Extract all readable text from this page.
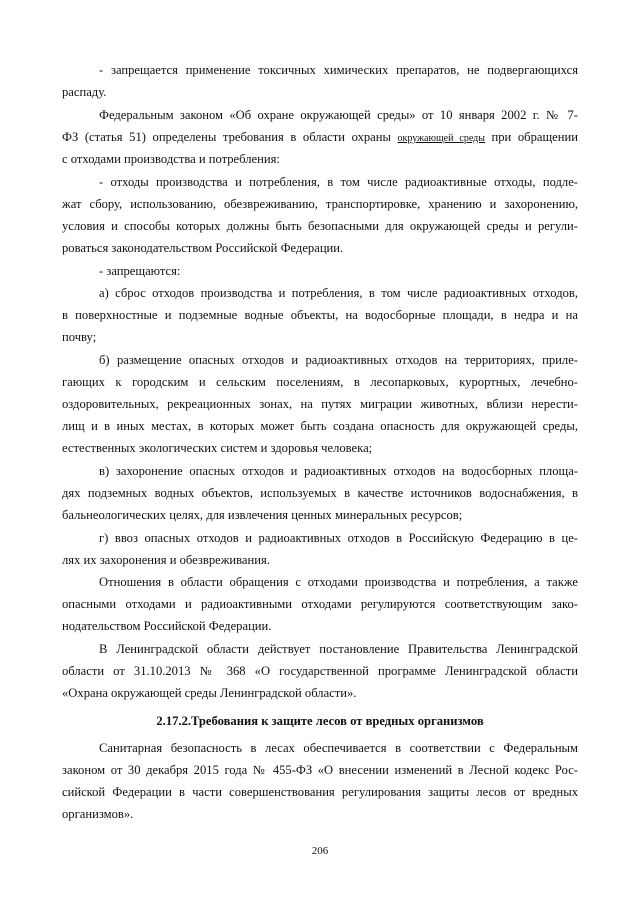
- запрещается применение токсичных химических препаратов, не подвергающихся
распаду.
Федеральным законом «Об охране окружающей среды» от 10 января 2002 г. № 7-
ФЗ (статья 51) определены требования в области охраны окружающей среды при обращении
с отходами производства и потребления:
- отходы производства и потребления, в том числе радиоактивные отходы, подле-
жат сбору, использованию, обезвреживанию, транспортировке, хранению и захоронению,
условия и способы которых должны быть безопасными для окружающей среды и регули-
роваться законодательством Российской Федерации.
- запрещаются:
а) сброс отходов производства и потребления, в том числе радиоактивных отходов,
в поверхностные и подземные водные объекты, на водосборные площади, в недра и на
почву;
б) размещение опасных отходов и радиоактивных отходов на территориях, приле-
гающих к городским и сельским поселениям, в лесопарковых, курортных, лечебно-
оздоровительных, рекреационных зонах, на путях миграции животных, вблизи нерести-
лищ и в иных местах, в которых может быть создана опасность для окружающей среды,
естественных экологических систем и здоровья человека;
в) захоронение опасных отходов и радиоактивных отходов на водосборных площа-
дях подземных водных объектов, используемых в качестве источников водоснабжения, в
бальнеологических целях, для извлечения ценных минеральных ресурсов;
г) ввоз опасных отходов и радиоактивных отходов в Российскую Федерацию в це-
лях их захоронения и обезвреживания.
Отношения в области обращения с отходами производства и потребления, а также
опасными отходами и радиоактивными отходами регулируются соответствующим зако-
нодательством Российской Федерации.
В Ленинградской области действует постановление Правительства Ленинградской
области от 31.10.2013 № 368 «О государственной программе Ленинградской области
«Охрана окружающей среды Ленинградской области».
2.17.2.Требования к защите лесов от вредных организмов
Санитарная безопасность в лесах обеспечивается в соответствии с Федеральным
законом от 30 декабря 2015 года № 455-ФЗ «О внесении изменений в Лесной кодекс Рос-
сийской Федерации в части совершенствования регулирования защиты лесов от вредных
организмов».
206
